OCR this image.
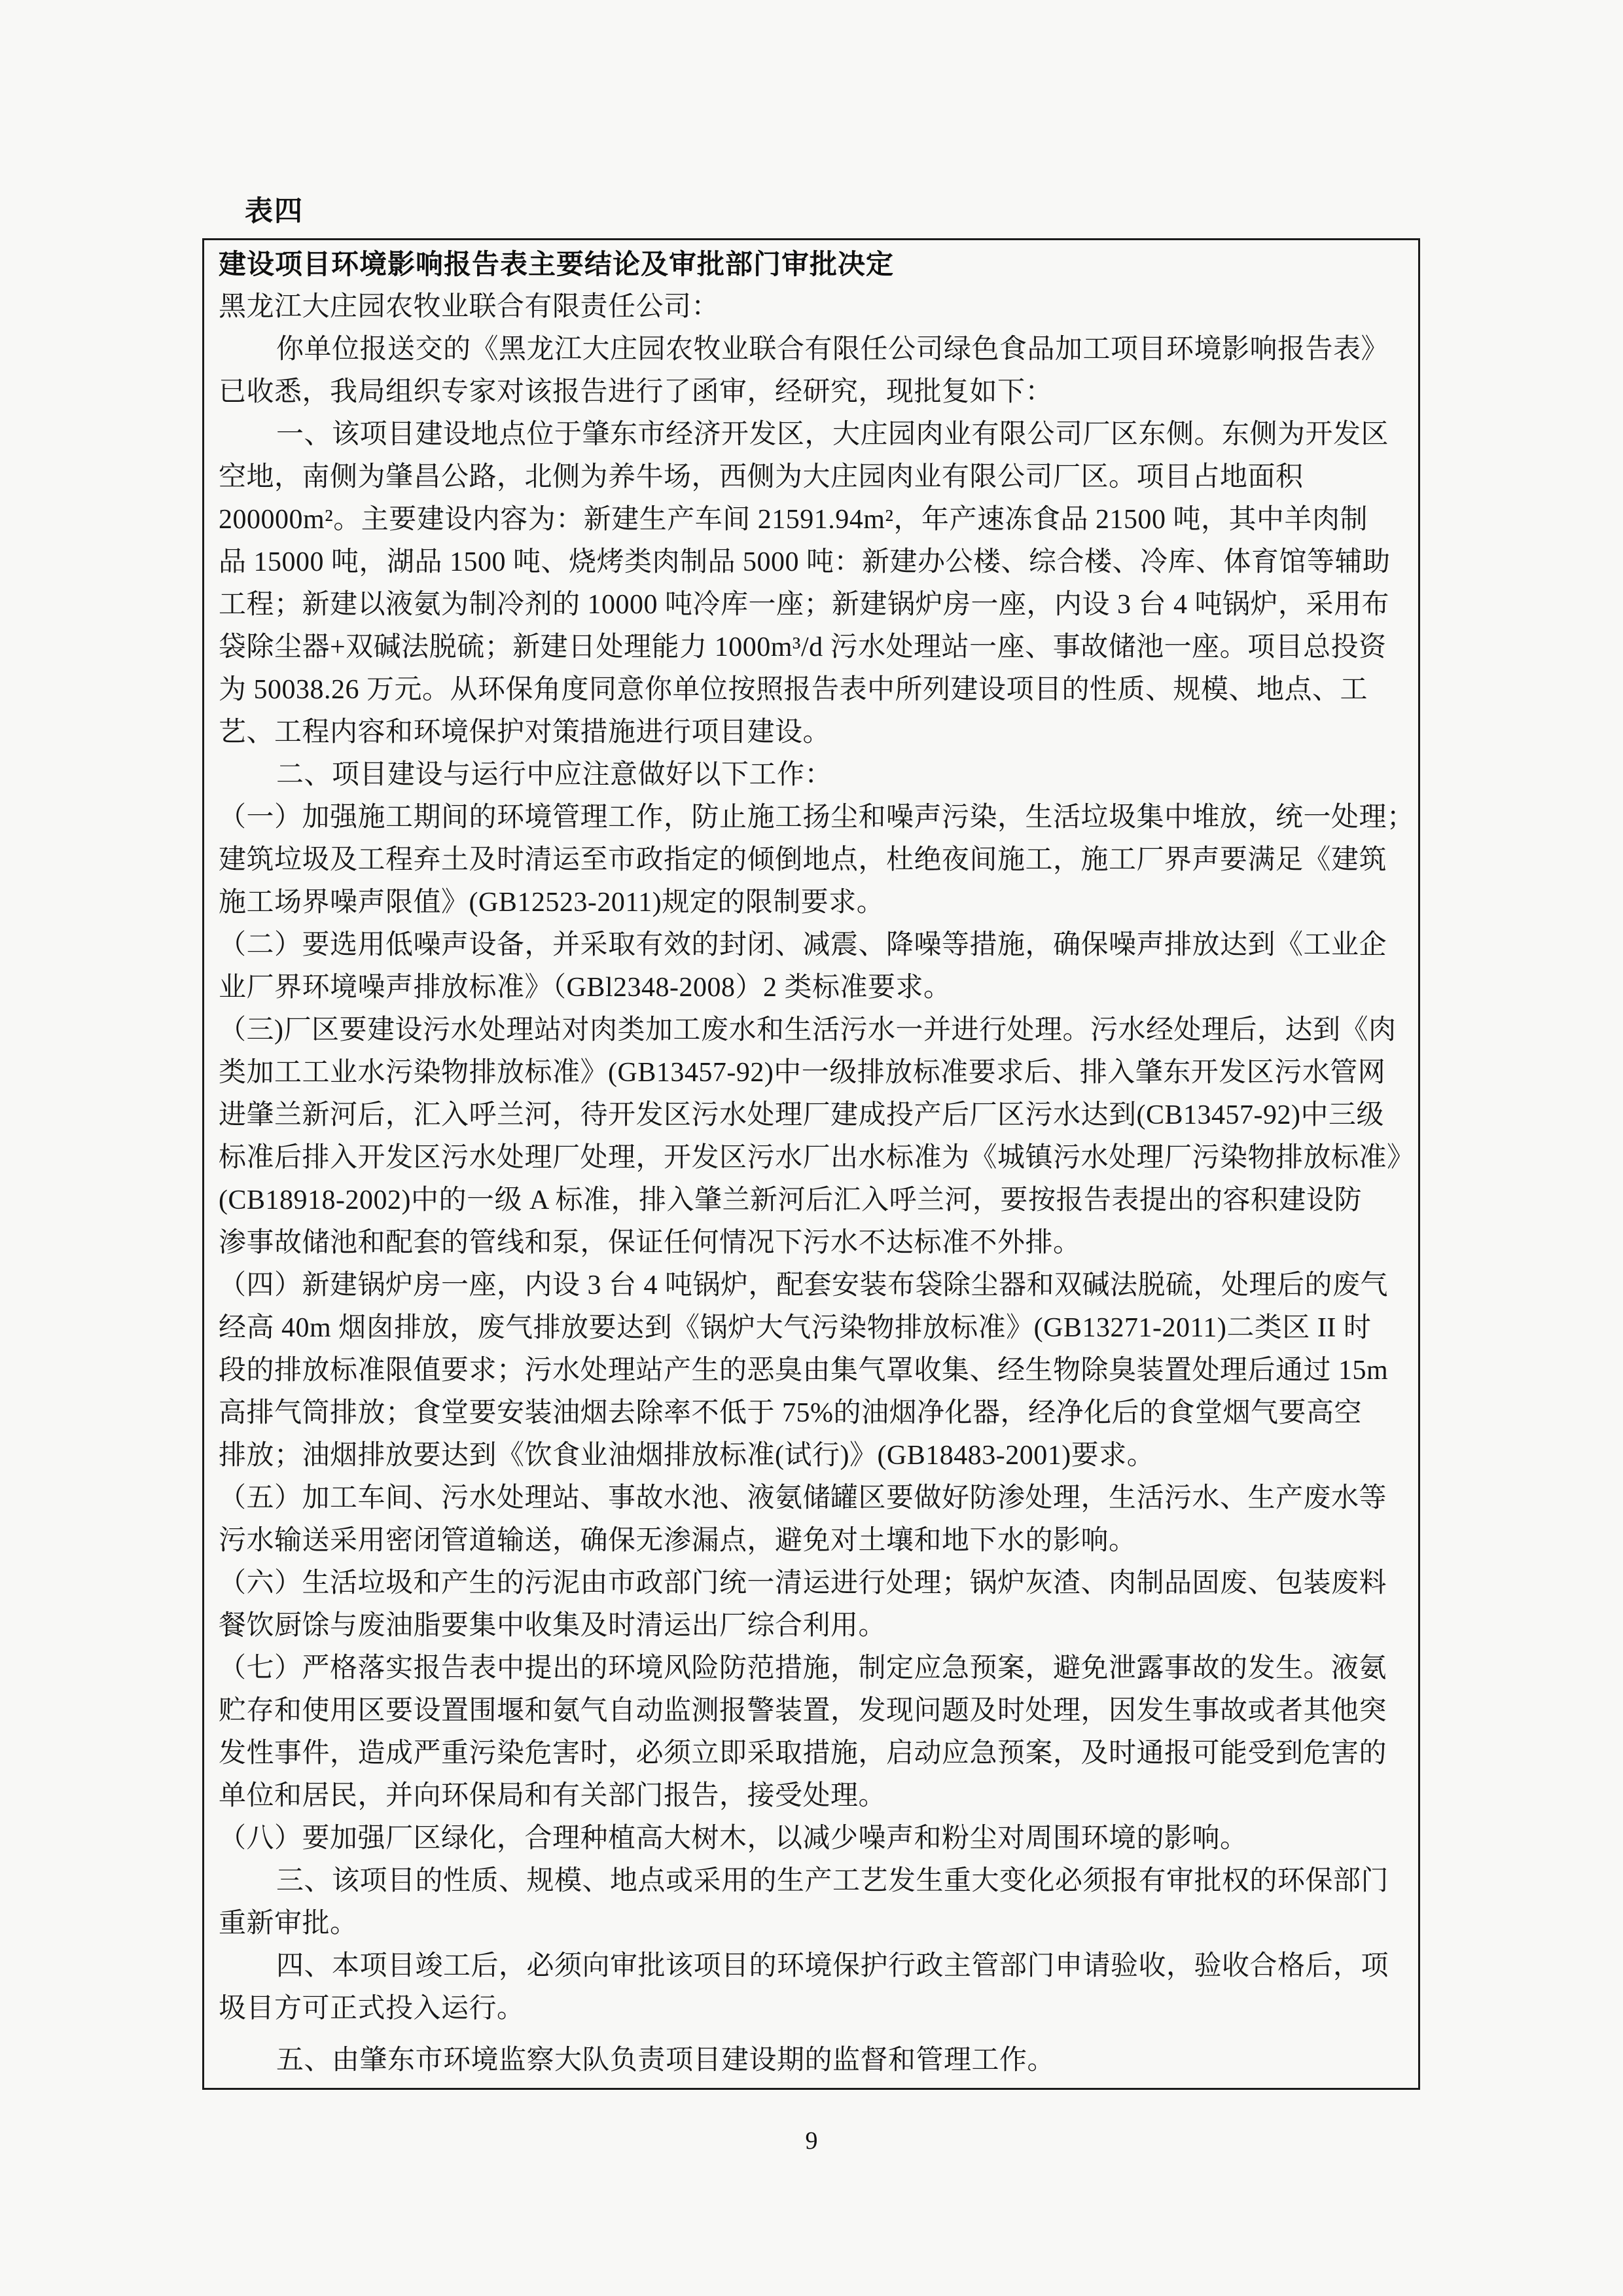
表四
建设项目环境影响报告表主要结论及审批部门审批决定
黑龙江大庄园农牧业联合有限责任公司：
你单位报送交的《黑龙江大庄园农牧业联合有限任公司绿色食品加工项目环境影响报告表》
已收悉，我局组织专家对该报告进行了函审，经研究，现批复如下：
一、该项目建设地点位于肇东市经济开发区，大庄园肉业有限公司厂区东侧。东侧为开发区
空地，南侧为肇昌公路，北侧为养牛场，西侧为大庄园肉业有限公司厂区。项目占地面积
200000m²。主要建设内容为：新建生产车间 21591.94m²，年产速冻食品 21500 吨，其中羊肉制
品 15000 吨，湖品 1500 吨、烧烤类肉制品 5000 吨：新建办公楼、综合楼、冷库、体育馆等辅助
工程；新建以液氨为制冷剂的 10000 吨冷库一座；新建锅炉房一座，内设 3 台 4 吨锅炉，采用布
袋除尘器+双碱法脱硫；新建日处理能力 1000m³/d 污水处理站一座、事故储池一座。项目总投资
为 50038.26 万元。从环保角度同意你单位按照报告表中所列建设项目的性质、规模、地点、工
艺、工程内容和环境保护对策措施进行项目建设。
二、项目建设与运行中应注意做好以下工作：
（一）加强施工期间的环境管理工作，防止施工扬尘和噪声污染，生活垃圾集中堆放，统一处理；
建筑垃圾及工程弃土及时清运至市政指定的倾倒地点，杜绝夜间施工，施工厂界声要满足《建筑
施工场界噪声限值》(GB12523-2011)规定的限制要求。
（二）要选用低噪声设备，并采取有效的封闭、减震、降噪等措施，确保噪声排放达到《工业企
业厂界环境噪声排放标准》（GBl2348-2008）2 类标准要求。
（三)厂区要建设污水处理站对肉类加工废水和生活污水一并进行处理。污水经处理后，达到《肉
类加工工业水污染物排放标准》(GB13457-92)中一级排放标准要求后、排入肇东开发区污水管网
进肇兰新河后，汇入呼兰河，待开发区污水处理厂建成投产后厂区污水达到(CB13457-92)中三级
标准后排入开发区污水处理厂处理，开发区污水厂出水标准为《城镇污水处理厂污染物排放标准》
(CB18918-2002)中的一级 A 标准，排入肇兰新河后汇入呼兰河，要按报告表提出的容积建设防
渗事故储池和配套的管线和泵，保证任何情况下污水不达标准不外排。
（四）新建锅炉房一座，内设 3 台 4 吨锅炉，配套安装布袋除尘器和双碱法脱硫，处理后的废气
经高 40m 烟囱排放，废气排放要达到《锅炉大气污染物排放标准》(GB13271-2011)二类区 II 时
段的排放标准限值要求；污水处理站产生的恶臭由集气罩收集、经生物除臭装置处理后通过 15m
高排气筒排放；食堂要安装油烟去除率不低于 75%的油烟净化器，经净化后的食堂烟气要高空
排放；油烟排放要达到《饮食业油烟排放标准(试行)》(GB18483-2001)要求。
（五）加工车间、污水处理站、事故水池、液氨储罐区要做好防渗处理，生活污水、生产废水等
污水输送采用密闭管道输送，确保无渗漏点，避免对土壤和地下水的影响。
（六）生活垃圾和产生的污泥由市政部门统一清运进行处理；锅炉灰渣、肉制品固废、包装废料
餐饮厨馀与废油脂要集中收集及时清运出厂综合利用。
（七）严格落实报告表中提出的环境风险防范措施，制定应急预案，避免泄露事故的发生。液氨
贮存和使用区要设置围堰和氨气自动监测报警装置，发现问题及时处理，因发生事故或者其他突
发性事件，造成严重污染危害时，必须立即采取措施，启动应急预案，及时通报可能受到危害的
单位和居民，并向环保局和有关部门报告，接受处理。
（八）要加强厂区绿化，合理种植高大树木，以减少噪声和粉尘对周围环境的影响。
三、该项目的性质、规模、地点或采用的生产工艺发生重大变化必须报有审批权的环保部门
重新审批。
四、本项目竣工后，必须向审批该项目的环境保护行政主管部门申请验收，验收合格后，项
圾目方可正式投入运行。
五、由肇东市环境监察大队负责项目建设期的监督和管理工作。
9
